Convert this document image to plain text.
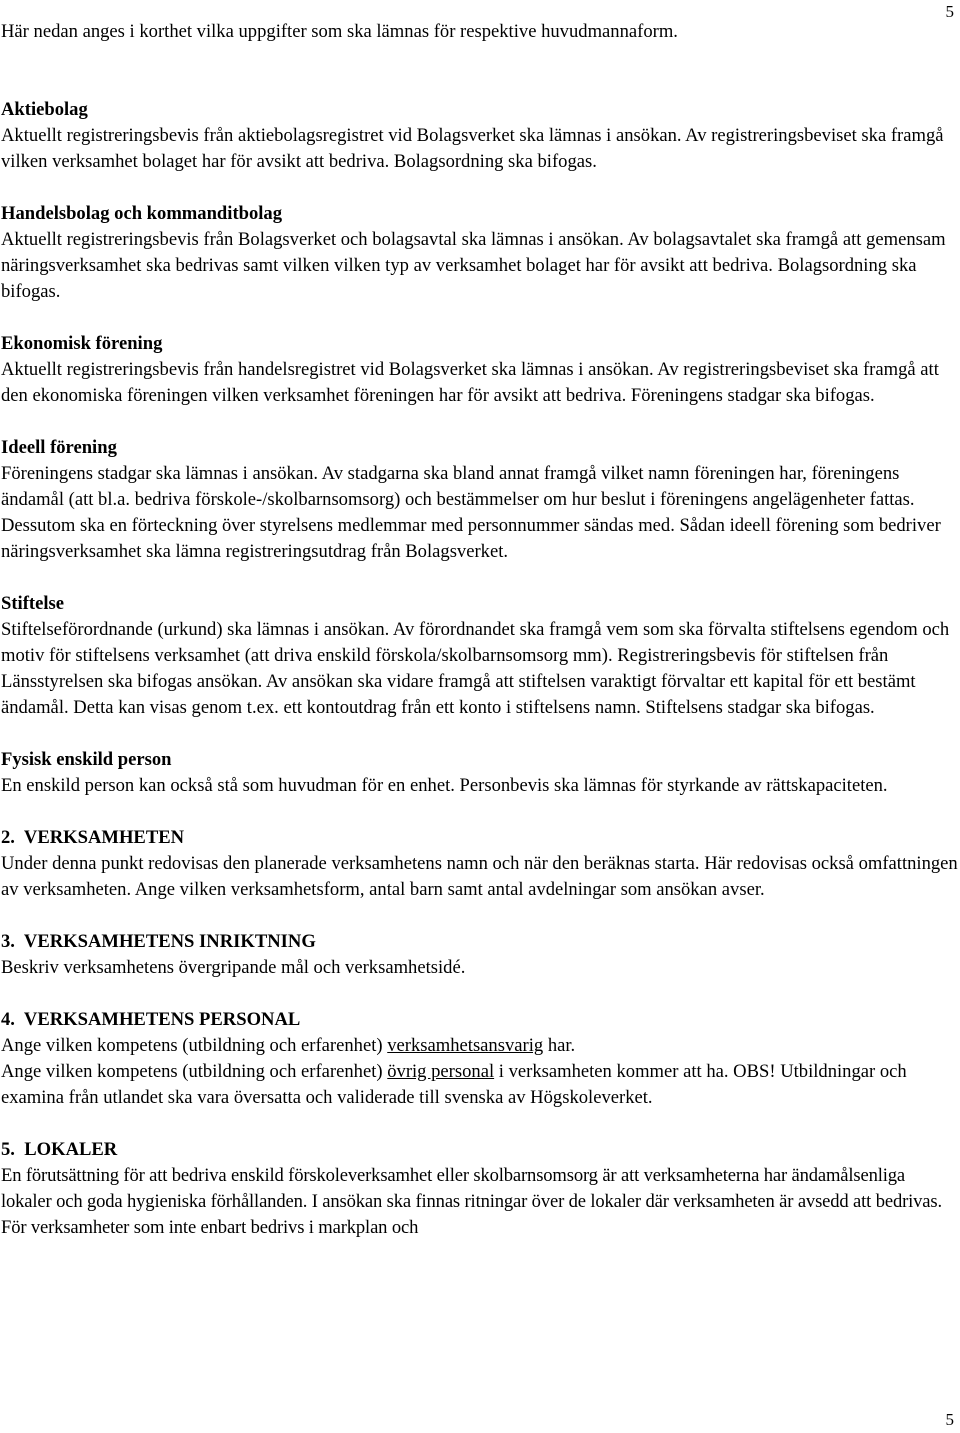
5

Här nedan anges i korthet vilka uppgifter som ska lämnas för respektive huvudmannaform.

Aktiebolag
Aktuellt registreringsbevis från aktiebolagsregistret vid Bolagsverket ska lämnas i ansökan. Av registreringsbeviset ska framgå vilken verksamhet bolaget har för avsikt att bedriva. Bolagsordning ska bifogas.
Handelsbolag och kommanditbolag
Aktuellt registreringsbevis från Bolagsverket och bolagsavtal ska lämnas i ansökan. Av bolagsavtalet ska framgå att gemensam näringsverksamhet ska bedrivas samt vilken vilken typ av verksamhet bolaget har för avsikt att bedriva. Bolagsordning ska bifogas.
Ekonomisk förening
Aktuellt registreringsbevis från handelsregistret vid Bolagsverket ska lämnas i ansökan. Av registreringsbeviset ska framgå att den ekonomiska föreningen vilken verksamhet föreningen har för avsikt att bedriva. Föreningens stadgar ska bifogas.
Ideell förening
Föreningens stadgar ska lämnas i ansökan. Av stadgarna ska bland annat framgå vilket namn föreningen har, föreningens ändamål (att bl.a. bedriva förskole-/skolbarnsomsorg) och bestämmelser om hur beslut i föreningens angelägenheter fattas. Dessutom ska en förteckning över styrelsens medlemmar med personnummer sändas med. Sådan ideell förening som bedriver näringsverksamhet ska lämna registreringsutdrag från Bolagsverket.
Stiftelse
Stiftelseförordnande (urkund) ska lämnas i ansökan. Av förordnandet ska framgå vem som ska förvalta stiftelsens egendom och motiv för stiftelsens verksamhet (att driva enskild förskola/skolbarnsomsorg mm). Registreringsbevis för stiftelsen från Länsstyrelsen ska bifogas ansökan. Av ansökan ska vidare framgå att stiftelsen varaktigt förvaltar ett kapital för ett bestämt ändamål. Detta kan visas genom t.ex. ett kontoutdrag från ett konto i stiftelsens namn. Stiftelsens stadgar ska bifogas.
Fysisk enskild person
En enskild person kan också stå som huvudman för en enhet. Personbevis ska lämnas för styrkande av rättskapaciteten.
2. VERKSAMHETEN
Under denna punkt redovisas den planerade verksamhetens namn och när den beräknas starta. Här redovisas också omfattningen av verksamheten. Ange vilken verksamhetsform, antal barn samt antal avdelningar som ansökan avser.
3. VERKSAMHETENS INRIKTNING
Beskriv verksamhetens övergripande mål och verksamhetsidé.
4. VERKSAMHETENS PERSONAL
Ange vilken kompetens (utbildning och erfarenhet) verksamhetsansvarig har.
Ange vilken kompetens (utbildning och erfarenhet) övrig personal i verksamheten kommer att ha. OBS! Utbildningar och examina från utlandet ska vara översatta och validerade till svenska av Högskoleverket.
5. LOKALER
En förutsättning för att bedriva enskild förskoleverksamhet eller skolbarnsomsorg är att verksamheterna har ändamålsenliga lokaler och goda hygieniska förhållanden. I ansökan ska finnas ritningar över de lokaler där verksamheten är avsedd att bedrivas. För verksamheter som inte enbart bedrivs i markplan och
5
